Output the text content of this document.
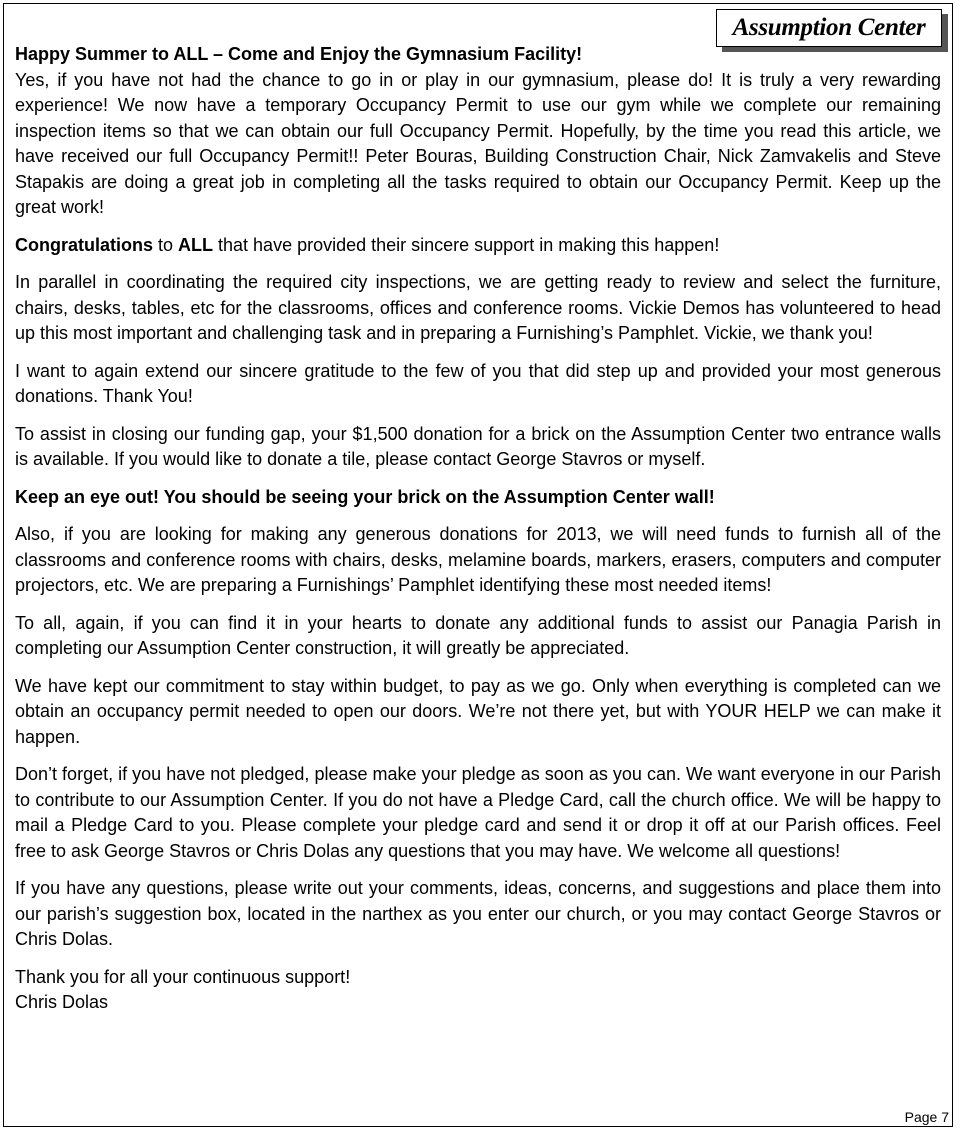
Assumption Center

Happy Summer to ALL – Come and Enjoy the Gymnasium Facility!

Yes, if you have not had the chance to go in or play in our gymnasium, please do! It is truly a very rewarding experience! We now have a temporary Occupancy Permit to use our gym while we complete our remaining inspection items so that we can obtain our full Occupancy Permit. Hopefully, by the time you read this article, we have received our full Occupancy Permit!! Peter Bouras, Building Construction Chair, Nick Zamvakelis and Steve Stapakis are doing a great job in completing all the tasks required to obtain our Occupancy Permit. Keep up the great work!

Congratulations to ALL that have provided their sincere support in making this happen!

In parallel in coordinating the required city inspections, we are getting ready to review and select the furniture, chairs, desks, tables, etc for the classrooms, offices and conference rooms. Vickie Demos has volunteered to head up this most important and challenging task and in preparing a Furnishing’s Pamphlet. Vickie, we thank you!

I want to again extend our sincere gratitude to the few of you that did step up and provided your most generous donations. Thank You!

To assist in closing our funding gap, your $1,500 donation for a brick on the Assumption Center two entrance walls is available. If you would like to donate a tile, please contact George Stavros or myself.

Keep an eye out! You should be seeing your brick on the Assumption Center wall!

Also, if you are looking for making any generous donations for 2013, we will need funds to furnish all of the classrooms and conference rooms with chairs, desks, melamine boards, markers, erasers, computers and computer projectors, etc. We are preparing a Furnishings’ Pamphlet identifying these most needed items!

To all, again, if you can find it in your hearts to donate any additional funds to assist our Panagia Parish in completing our Assumption Center construction, it will greatly be appreciated.

We have kept our commitment to stay within budget, to pay as we go. Only when everything is completed can we obtain an occupancy permit needed to open our doors. We’re not there yet, but with YOUR HELP we can make it happen.

Don’t forget, if you have not pledged, please make your pledge as soon as you can. We want everyone in our Parish to contribute to our Assumption Center. If you do not have a Pledge Card, call the church office. We will be happy to mail a Pledge Card to you. Please complete your pledge card and send it or drop it off at our Parish offices. Feel free to ask George Stavros or Chris Dolas any questions that you may have. We welcome all questions!

If you have any questions, please write out your comments, ideas, concerns, and suggestions and place them into our parish’s suggestion box, located in the narthex as you enter our church, or you may contact George Stavros or Chris Dolas.

Thank you for all your continuous support!

Chris Dolas

Page 7
